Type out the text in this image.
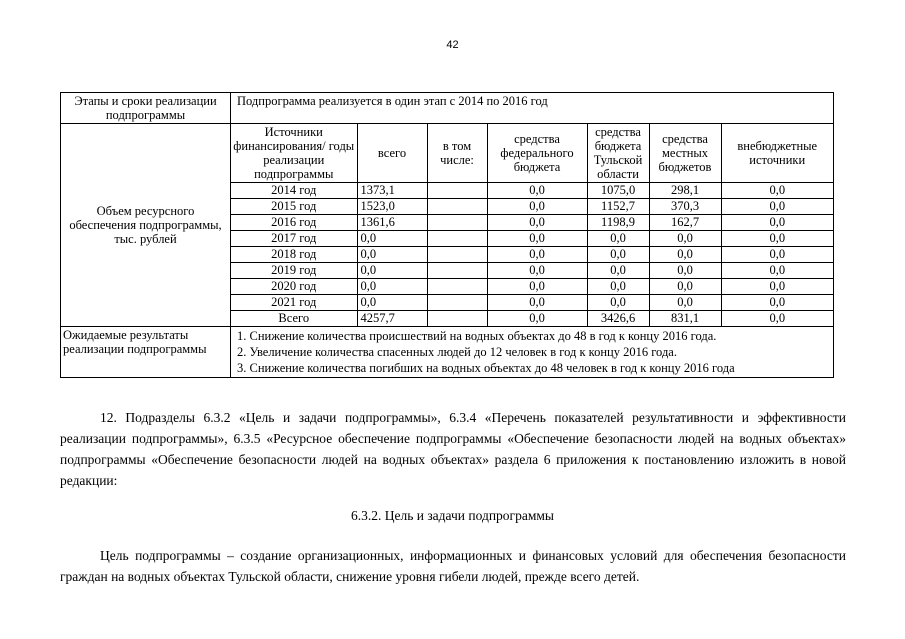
42
Этапы и сроки реализации подпрограммы	Подпрограмма реализуется в один этап с 2014 по 2016 год
Объем ресурсного обеспечения подпрограммы, тыс. рублей	
Источники финансирования/ годы реализации подпрограммы	всего	в том числе:	средства федерального бюджета	средства бюджета Тульской области	средства местных бюджетов	внебюджетные источники
2014 год	1373,1		0,0	1075,0	298,1	0,0
2015 год	1523,0		0,0	1152,7	370,3	0,0
2016 год	1361,6		0,0	1198,9	162,7	0,0
2017 год	0,0		0,0	0,0	0,0	0,0
2018 год	0,0		0,0	0,0	0,0	0,0
2019 год	0,0		0,0	0,0	0,0	0,0
2020 год	0,0		0,0	0,0	0,0	0,0
2021 год	0,0		0,0	0,0	0,0	0,0
Всего	4257,7		0,0	3426,6	831,1	0,0

Ожидаемые результаты реализации подпрограммы	
1. Снижение количества происшествий на водных объектах до 48 в год к концу 2016 года.
2. Увеличение количества спасенных людей до 12 человек в год к концу 2016 года.
3. Снижение количества погибших на водных объектах до 48 человек в год к концу 2016 года
12. Подразделы 6.3.2 «Цель и задачи подпрограммы», 6.3.4 «Перечень показателей результативности и эффективности реализации подпрограммы», 6.3.5 «Ресурсное обеспечение подпрограммы «Обеспечение безопасности людей на водных объектах» подпрограммы «Обеспечение безопасности людей на водных объектах» раздела 6 приложения к постановлению изложить в новой редакции:
6.3.2. Цель и задачи подпрограммы
Цель подпрограммы – создание организационных, информационных и финансовых условий для обеспечения безопасности граждан на водных объектах Тульской области, снижение уровня гибели людей, прежде всего детей.
